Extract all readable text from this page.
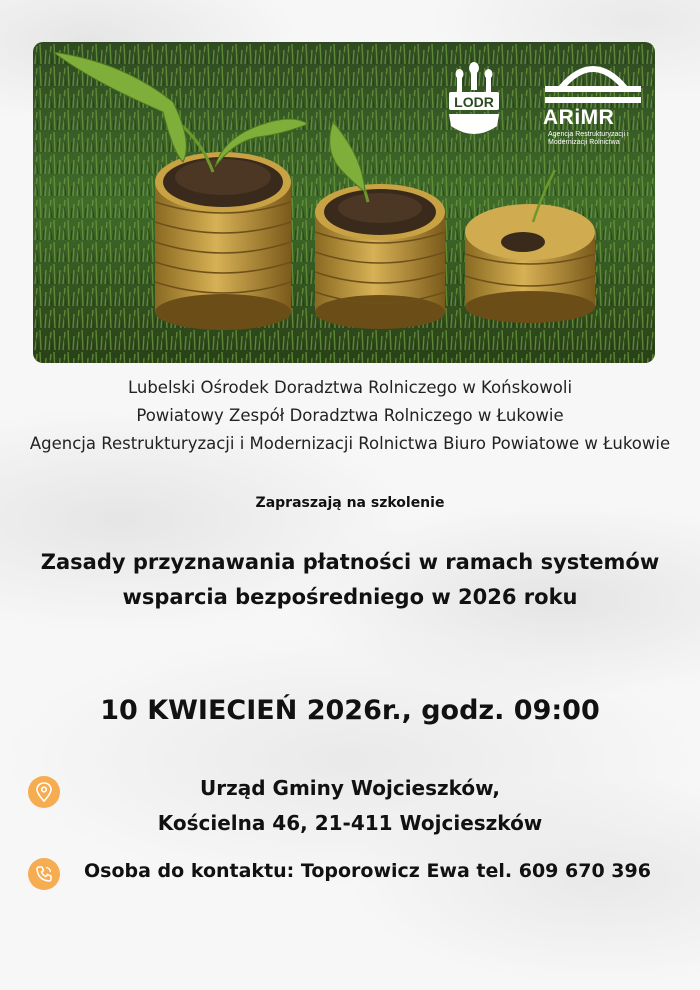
LODR
ARiMR
Agencja Restrukturyzacji i Modernizacji Rolnictwa
Lubelski Ośrodek Doradztwa Rolniczego w Końskowoli
Powiatowy Zespół Doradztwa Rolniczego w Łukowie
Agencja Restrukturyzacji i Modernizacji Rolnictwa Biuro Powiatowe w Łukowie
Zapraszają na szkolenie
Zasady przyznawania płatności w ramach systemów
wsparcia bezpośredniego w 2026 roku
10 KWIECIEŃ 2026r., godz. 09:00
Urząd Gminy Wojcieszków,
Kościelna 46, 21-411 Wojcieszków
Osoba do kontaktu: Toporowicz Ewa tel. 609 670 396
